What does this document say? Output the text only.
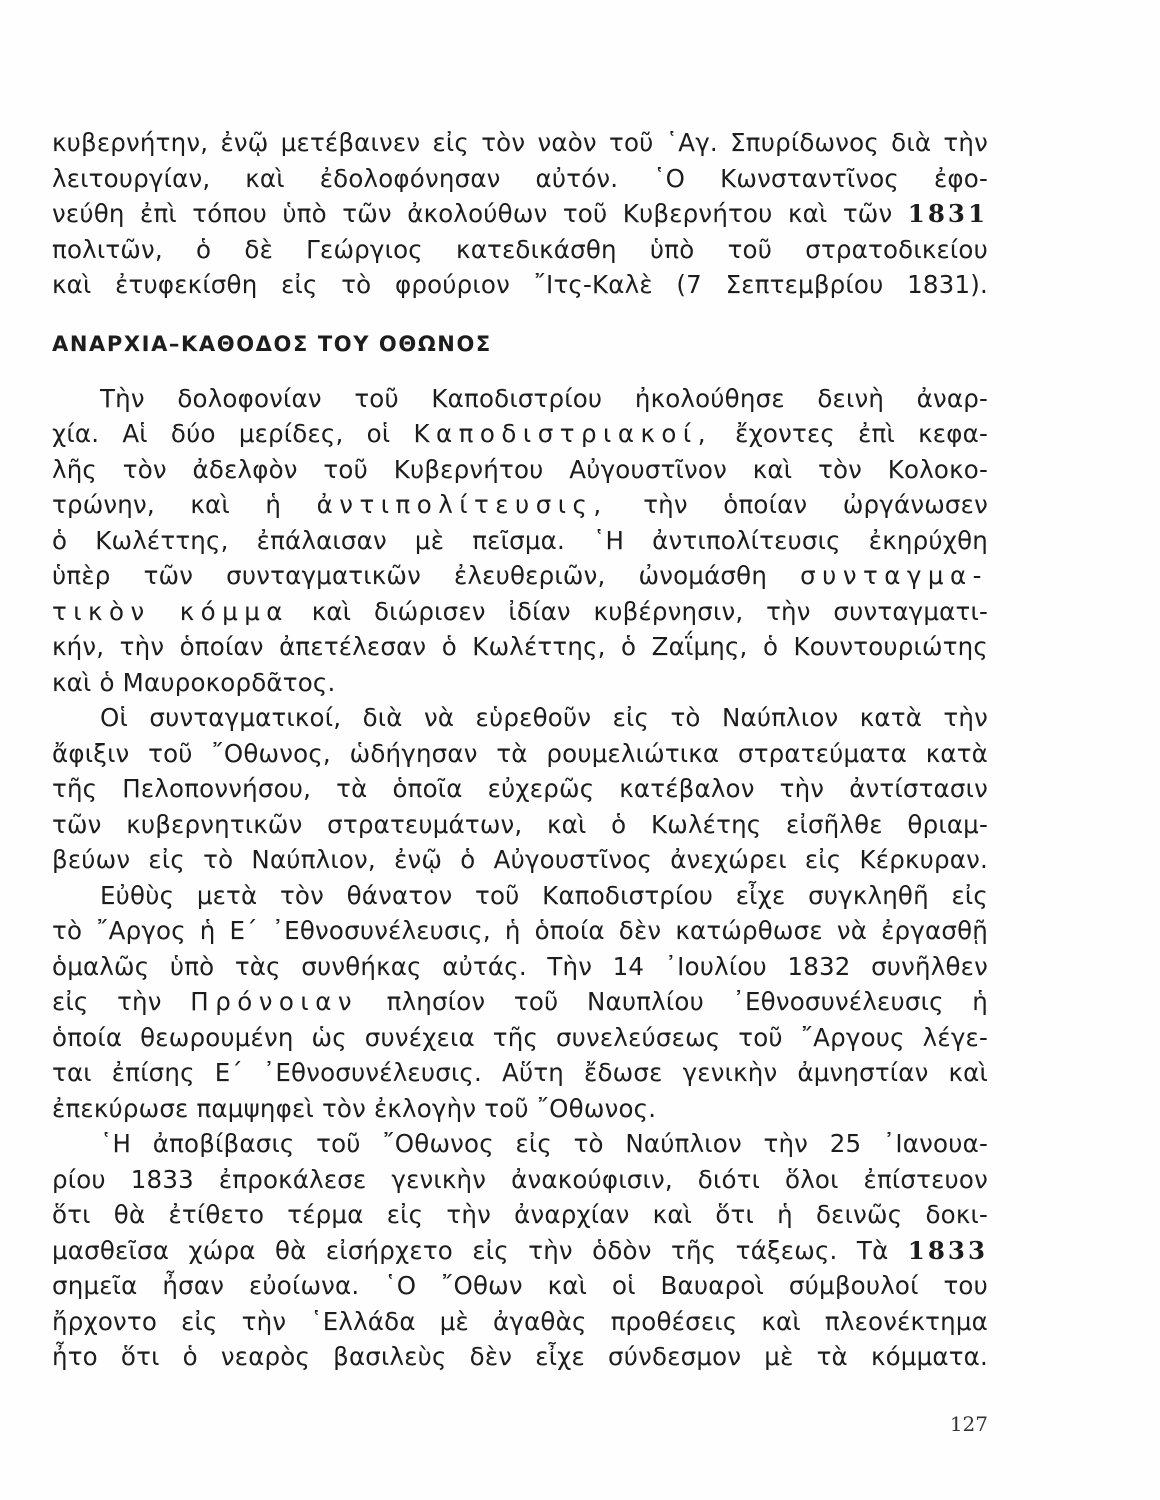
κυβερνήτην, ἐνῷ μετέβαινεν εἰς τὸν ναὸν τοῦ ῾Αγ. Σπυρίδωνος διὰ τὴν

λειτουργίαν, καὶ ἐδολοφόνησαν αὐτόν. ῾Ο Κωνσταντῖνος ἐφο-

νεύθη ἐπὶ τόπου ὑπὸ τῶν ἀκολούθων τοῦ Κυβερνήτου καὶ τῶν 1831

πολιτῶν, ὁ δὲ Γεώργιος κατεδικάσθη ὑπὸ τοῦ στρατοδικείου

καὶ ἐτυφεκίσθη εἰς τὸ φρούριον ῎Ιτς-Καλὲ (7 Σεπτεμβρίου 1831).

ΑΝΑΡΧΙΑ–ΚΑΘΟΔΟΣ ΤΟΥ ΟΘΩΝΟΣ

Τὴν δολοφονίαν τοῦ Καποδιστρίου ἠκολούθησε δεινὴ ἀναρ-

χία. Αἱ δύο μερίδες, οἱ Καποδιστριακοί, ἔχοντες ἐπὶ κεφα-

λῆς τὸν ἀδελφὸν τοῦ Κυβερνήτου Αὐγουστῖνον καὶ τὸν Κολοκο-

τρώνην, καὶ ἡ ἀντιπολίτευσις, τὴν ὁποίαν ὠργάνωσεν

ὁ Κωλέττης, ἐπάλαισαν μὲ πεῖσμα. ῾Η ἀντιπολίτευσις ἐκηρύχθη

ὑπὲρ τῶν συνταγματικῶν ἐλευθεριῶν, ὠνομάσθη συνταγμα-

τικὸν κόμμα καὶ διώρισεν ἰδίαν κυβέρνησιν, τὴν συνταγματι-

κήν, τὴν ὁποίαν ἀπετέλεσαν ὁ Κωλέττης, ὁ Ζαΐμης, ὁ Κουντουριώτης

καὶ ὁ Μαυροκορδᾶτος.

Οἱ συνταγματικοί, διὰ νὰ εὑρεθοῦν εἰς τὸ Ναύπλιον κατὰ τὴν

ἄφιξιν τοῦ ῎Οθωνος, ὡδήγησαν τὰ ρουμελιώτικα στρατεύματα κατὰ

τῆς Πελοποννήσου, τὰ ὁποῖα εὐχερῶς κατέβαλον τὴν ἀντίστασιν

τῶν κυβερνητικῶν στρατευμάτων, καὶ ὁ Κωλέτης εἰσῆλθε θριαμ-

βεύων εἰς τὸ Ναύπλιον, ἐνῷ ὁ Αὐγουστῖνος ἀνεχώρει εἰς Κέρκυραν.

Εὐθὺς μετὰ τὸν θάνατον τοῦ Καποδιστρίου εἶχε συγκληθῆ εἰς

τὸ ῎Αργος ἡ Ε΄ ᾿Εθνοσυνέλευσις, ἡ ὁποία δὲν κατώρθωσε νὰ ἐργασθῇ

ὁμαλῶς ὑπὸ τὰς συνθήκας αὐτάς. Τὴν 14 ᾿Ιουλίου 1832 συνῆλθεν

εἰς τὴν Πρόνοιαν πλησίον τοῦ Ναυπλίου ᾿Εθνοσυνέλευσις ἡ

ὁποία θεωρουμένη ὡς συνέχεια τῆς συνελεύσεως τοῦ ῎Αργους λέγε-

ται ἐπίσης Ε΄ ᾿Εθνοσυνέλευσις. Αὕτη ἔδωσε γενικὴν ἀμνηστίαν καὶ

ἐπεκύρωσε παμψηφεὶ τὸν ἐκλογὴν τοῦ ῎Οθωνος.

῾Η ἀποβίβασις τοῦ ῎Οθωνος εἰς τὸ Ναύπλιον τὴν 25 ᾿Ιανουα-

ρίου 1833 ἐπροκάλεσε γενικὴν ἀνακούφισιν, διότι ὅλοι ἐπίστευον

ὅτι θὰ ἐτίθετο τέρμα εἰς τὴν ἀναρχίαν καὶ ὅτι ἡ δεινῶς δοκι-

μασθεῖσα χώρα θὰ εἰσήρχετο εἰς τὴν ὁδὸν τῆς τάξεως. Τὰ 1833

σημεῖα ἦσαν εὐοίωνα. ῾Ο ῎Οθων καὶ οἱ Βαυαροὶ σύμβουλοί του

ἤρχοντο εἰς τὴν ῾Ελλάδα μὲ ἀγαθὰς προθέσεις καὶ πλεονέκτημα

ἦτο ὅτι ὁ νεαρὸς βασιλεὺς δὲν εἶχε σύνδεσμον μὲ τὰ κόμματα.

127
